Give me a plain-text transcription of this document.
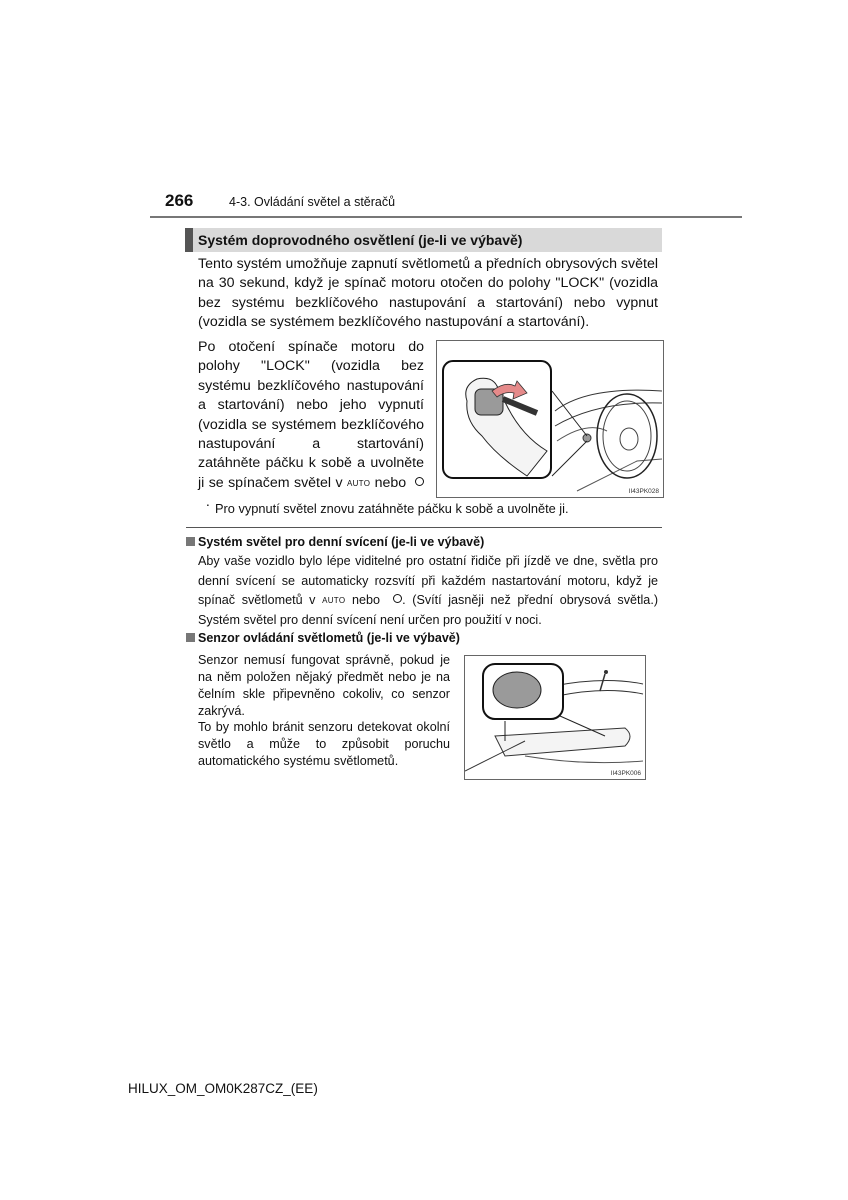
266	4-3. Ovládání světel a stěračů
Systém doprovodného osvětlení (je-li ve výbavě)
Tento systém umožňuje zapnutí světlometů a předních obrysových světel na 30 sekund, když je spínač motoru otočen do polohy "LOCK" (vozidla bez systému bezklíčového nastupování a startování) nebo vypnut (vozidla se systémem bezklíčového nastupování a startování).
Po otočení spínače motoru do polohy "LOCK" (vozidla bez systému bezklíčového nastupování a startování) nebo jeho vypnutí (vozidla se systémem bezklíčového nastupování a startování) zatáhněte páčku k sobě a uvolněte ji se spínačem světel v AUTO nebo    .
II43PK028
Pro vypnutí světel znovu zatáhněte páčku k sobě a uvolněte ji.
Systém světel pro denní svícení (je-li ve výbavě)
Aby vaše vozidlo bylo lépe viditelné pro ostatní řidiče při jízdě ve dne, světla pro denní svícení se automaticky rozsvítí při každém nastartování motoru, když je spínač světlometů v AUTO nebo . (Svítí jasněji než přední obrysová světla.) Systém světel pro denní svícení není určen pro použití v noci.
Senzor ovládání světlometů (je-li ve výbavě)
Senzor nemusí fungovat správně, pokud je na něm položen nějaký předmět nebo je na čelním skle připevněno cokoliv, co senzor zakrývá.
To by mohlo bránit senzoru detekovat okolní světlo a může to způsobit poruchu automatického systému světlometů.
II43PK006
HILUX_OM_OM0K287CZ_(EE)
